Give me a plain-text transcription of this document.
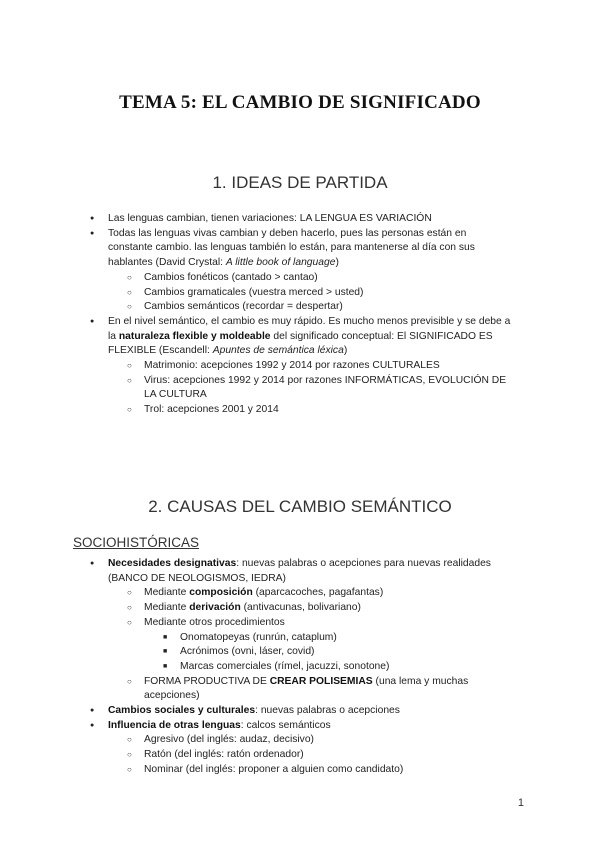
TEMA 5: EL CAMBIO DE SIGNIFICADO
1. IDEAS DE PARTIDA
● Las lenguas cambian, tienen variaciones: LA LENGUA ES VARIACIÓN
● Todas las lenguas vivas cambian y deben hacerlo, pues las personas están en constante cambio. las lenguas también lo están, para mantenerse al día con sus hablantes (David Crystal: A little book of language)
○ Cambios fonéticos (cantado > cantao)
○ Cambios gramaticales (vuestra merced > usted)
○ Cambios semánticos (recordar = despertar)
● En el nivel semántico, el cambio es muy rápido. Es mucho menos previsible y se debe a la naturaleza flexible y moldeable del significado conceptual: El SIGNIFICADO ES FLEXIBLE (Escandell: Apuntes de semántica léxica)
○ Matrimonio: acepciones 1992 y 2014 por razones CULTURALES
○ Virus: acepciones 1992 y 2014 por razones INFORMÁTICAS, EVOLUCIÓN DE LA CULTURA
○ Trol: acepciones 2001 y 2014
2. CAUSAS DEL CAMBIO SEMÁNTICO
SOCIOHISTÓRICAS
● Necesidades designativas: nuevas palabras o acepciones para nuevas realidades (BANCO DE NEOLOGISMOS, IEDRA)
○ Mediante composición (aparcacoches, pagafantas)
○ Mediante derivación (antivacunas, bolivariano)
○ Mediante otros procedimientos
■ Onomatopeyas (runrún, cataplum)
■ Acrónimos (ovni, láser, covid)
■ Marcas comerciales (rímel, jacuzzi, sonotone)
○ FORMA PRODUCTIVA DE CREAR POLISEMIAS (una lema y muchas acepciones)
● Cambios sociales y culturales: nuevas palabras o acepciones
● Influencia de otras lenguas: calcos semánticos
○ Agresivo (del inglés: audaz, decisivo)
○ Ratón (del inglés: ratón ordenador)
○ Nominar (del inglés: proponer a alguien como candidato)
1
